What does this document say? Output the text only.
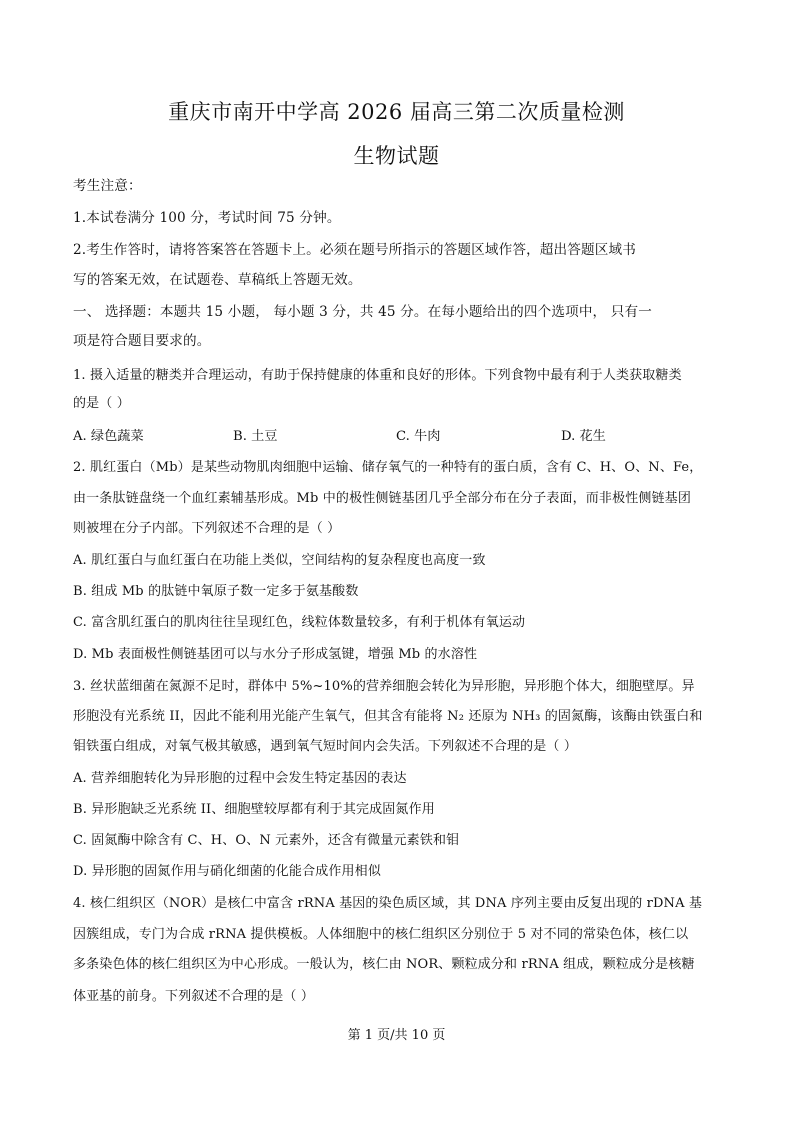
重庆市南开中学高 2026 届高三第二次质量检测
生物试题
考生注意：
1.本试卷满分 100 分，考试时间 75 分钟。
2.考生作答时，请将答案答在答题卡上。必须在题号所指示的答题区域作答，超出答题区域书
写的答案无效，在试题卷、草稿纸上答题无效。
一、 选择题：本题共 15 小题， 每小题 3 分，共 45 分。在每小题给出的四个选项中， 只有一
项是符合题目要求的。
1. 摄入适量的糖类并合理运动，有助于保持健康的体重和良好的形体。下列食物中最有利于人类获取糖类
的是（ ）
A. 绿色蔬菜	B. 土豆	C. 牛肉	D. 花生
2. 肌红蛋白（Mb）是某些动物肌肉细胞中运输、储存氧气的一种特有的蛋白质，含有 C、H、O、N、Fe，
由一条肽链盘绕一个血红素辅基形成。Mb 中的极性侧链基团几乎全部分布在分子表面，而非极性侧链基团
则被埋在分子内部。下列叙述不合理的是（ ）
A. 肌红蛋白与血红蛋白在功能上类似，空间结构的复杂程度也高度一致
B. 组成 Mb 的肽链中氧原子数一定多于氨基酸数
C. 富含肌红蛋白的肌肉往往呈现红色，线粒体数量较多，有利于机体有氧运动
D. Mb 表面极性侧链基团可以与水分子形成氢键，增强 Mb 的水溶性
3. 丝状蓝细菌在氮源不足时，群体中 5%~10%的营养细胞会转化为异形胞，异形胞个体大，细胞壁厚。异
形胞没有光系统 II，因此不能利用光能产生氧气，但其含有能将 N₂ 还原为 NH₃ 的固氮酶，该酶由铁蛋白和
钼铁蛋白组成，对氧气极其敏感，遇到氧气短时间内会失活。下列叙述不合理的是（ ）
A. 营养细胞转化为异形胞的过程中会发生特定基因的表达
B. 异形胞缺乏光系统 II、细胞壁较厚都有利于其完成固氮作用
C. 固氮酶中除含有 C、H、O、N 元素外，还含有微量元素铁和钼
D. 异形胞的固氮作用与硝化细菌的化能合成作用相似
4. 核仁组织区（NOR）是核仁中富含 rRNA 基因的染色质区域，其 DNA 序列主要由反复出现的 rDNA 基
因簇组成，专门为合成 rRNA 提供模板。人体细胞中的核仁组织区分别位于 5 对不同的常染色体，核仁以
多条染色体的核仁组织区为中心形成。一般认为，核仁由 NOR、颗粒成分和 rRNA 组成，颗粒成分是核糖
体亚基的前身。下列叙述不合理的是（ ）
第 1 页/共 10 页
